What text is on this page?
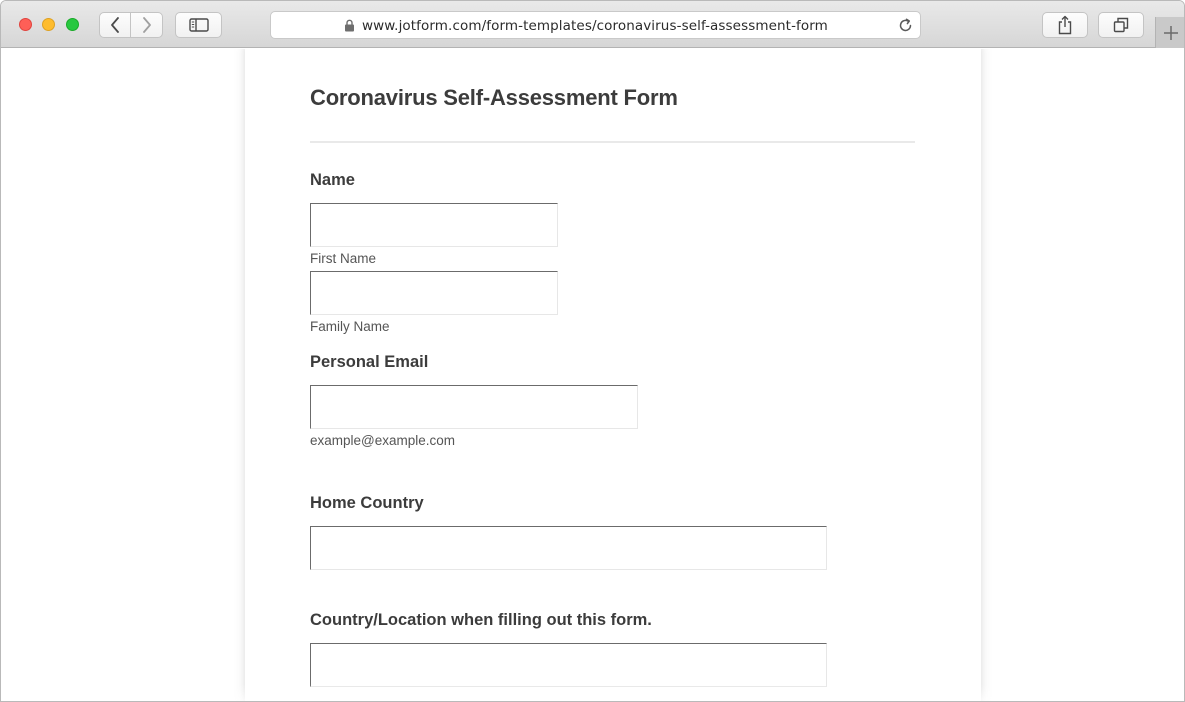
www.jotform.com/form-templates/coronavirus-self-assessment-form
Coronavirus Self-Assessment Form
Name
First Name
Family Name
Personal Email
example@example.com
Home Country
Country/Location when filling out this form.
